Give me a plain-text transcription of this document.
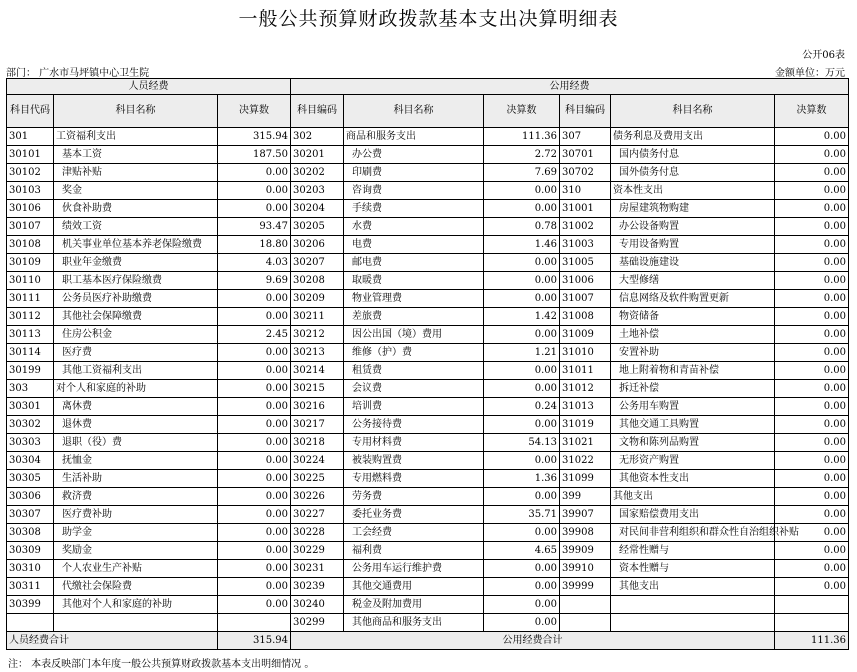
一般公共预算财政拨款基本支出决算明细表
公开06表
部门： 广水市马坪镇中心卫生院	金额单位：万元
人员经费			公用经费					
科目代码	科目名称	决算数	科目编码	科目名称	决算数	科目编码	科目名称	决算数
301	工资福利支出	315.94	302	商品和服务支出	111.36	307	债务利息及费用支出	0.00
30101	基本工资	187.50	30201	办公费	2.72	30701	国内债务付息	0.00
30102	津贴补贴	0.00	30202	印刷费	7.69	30702	国外债务付息	0.00
30103	奖金	0.00	30203	咨询费	0.00	310	资本性支出	0.00
30106	伙食补助费	0.00	30204	手续费	0.00	31001	房屋建筑物购建	0.00
30107	绩效工资	93.47	30205	水费	0.78	31002	办公设备购置	0.00
30108	机关事业单位基本养老保险缴费	18.80	30206	电费	1.46	31003	专用设备购置	0.00
30109	职业年金缴费	4.03	30207	邮电费	0.00	31005	基础设施建设	0.00
30110	职工基本医疗保险缴费	9.69	30208	取暖费	0.00	31006	大型修缮	0.00
30111	公务员医疗补助缴费	0.00	30209	物业管理费	0.00	31007	信息网络及软件购置更新	0.00
30112	其他社会保障缴费	0.00	30211	差旅费	1.42	31008	物资储备	0.00
30113	住房公积金	2.45	30212	因公出国（境）费用	0.00	31009	土地补偿	0.00
30114	医疗费	0.00	30213	维修（护）费	1.21	31010	安置补助	0.00
30199	其他工资福利支出	0.00	30214	租赁费	0.00	31011	地上附着物和青苗补偿	0.00
303	对个人和家庭的补助	0.00	30215	会议费	0.00	31012	拆迁补偿	0.00
30301	离休费	0.00	30216	培训费	0.24	31013	公务用车购置	0.00
30302	退休费	0.00	30217	公务接待费	0.00	31019	其他交通工具购置	0.00
30303	退职（役）费	0.00	30218	专用材料费	54.13	31021	文物和陈列品购置	0.00
30304	抚恤金	0.00	30224	被装购置费	0.00	31022	无形资产购置	0.00
30305	生活补助	0.00	30225	专用燃料费	1.36	31099	其他资本性支出	0.00
30306	救济费	0.00	30226	劳务费	0.00	399	其他支出	0.00
30307	医疗费补助	0.00	30227	委托业务费	35.71	39907	国家赔偿费用支出	0.00
30308	助学金	0.00	30228	工会经费	0.00	39908	对民间非营利组织和群众性自治组织补贴	0.00
30309	奖励金	0.00	30229	福利费	4.65	39909	经常性赠与	0.00
30310	个人农业生产补贴	0.00	30231	公务用车运行维护费	0.00	39910	资本性赠与	0.00
30311	代缴社会保险费	0.00	30239	其他交通费用	0.00	39999	其他支出	0.00
30399	其他对个人和家庭的补助	0.00	30240	税金及附加费用	0.00			
			30299	其他商品和服务支出	0.00			
人员经费合计		315.94	公用经费合计					111.36
注： 本表反映部门本年度一般公共预算财政拨款基本支出明细情况 。
